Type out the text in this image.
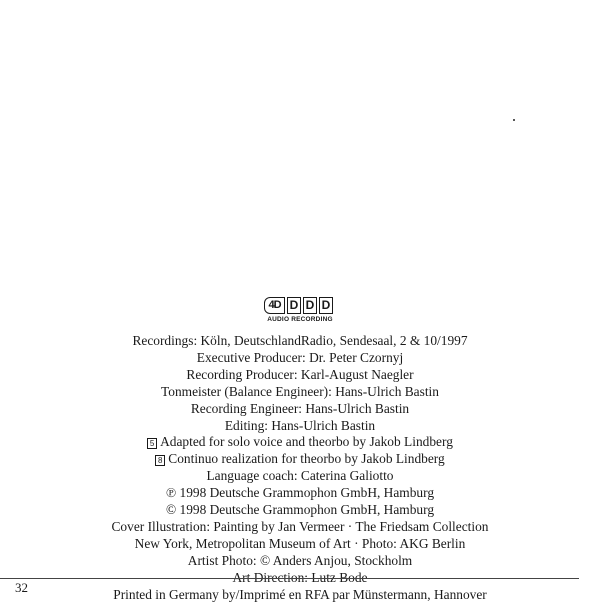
4D D D D
AUDIO RECORDING
Recordings: Köln, DeutschlandRadio, Sendesaal, 2 & 10/1997
Executive Producer: Dr. Peter Czornyj
Recording Producer: Karl-August Naegler
Tonmeister (Balance Engineer): Hans-Ulrich Bastin
Recording Engineer: Hans-Ulrich Bastin
Editing: Hans-Ulrich Bastin
5 Adapted for solo voice and theorbo by Jakob Lindberg
8 Continuo realization for theorbo by Jakob Lindberg
Language coach: Caterina Galiotto
℗ 1998 Deutsche Grammophon GmbH, Hamburg
© 1998 Deutsche Grammophon GmbH, Hamburg
Cover Illustration: Painting by Jan Vermeer · The Friedsam Collection
New York, Metropolitan Museum of Art · Photo: AKG Berlin
Artist Photo: © Anders Anjou, Stockholm
Art Direction: Lutz Bode
Printed in Germany by/Imprimé en RFA par Münstermann, Hannover
32
